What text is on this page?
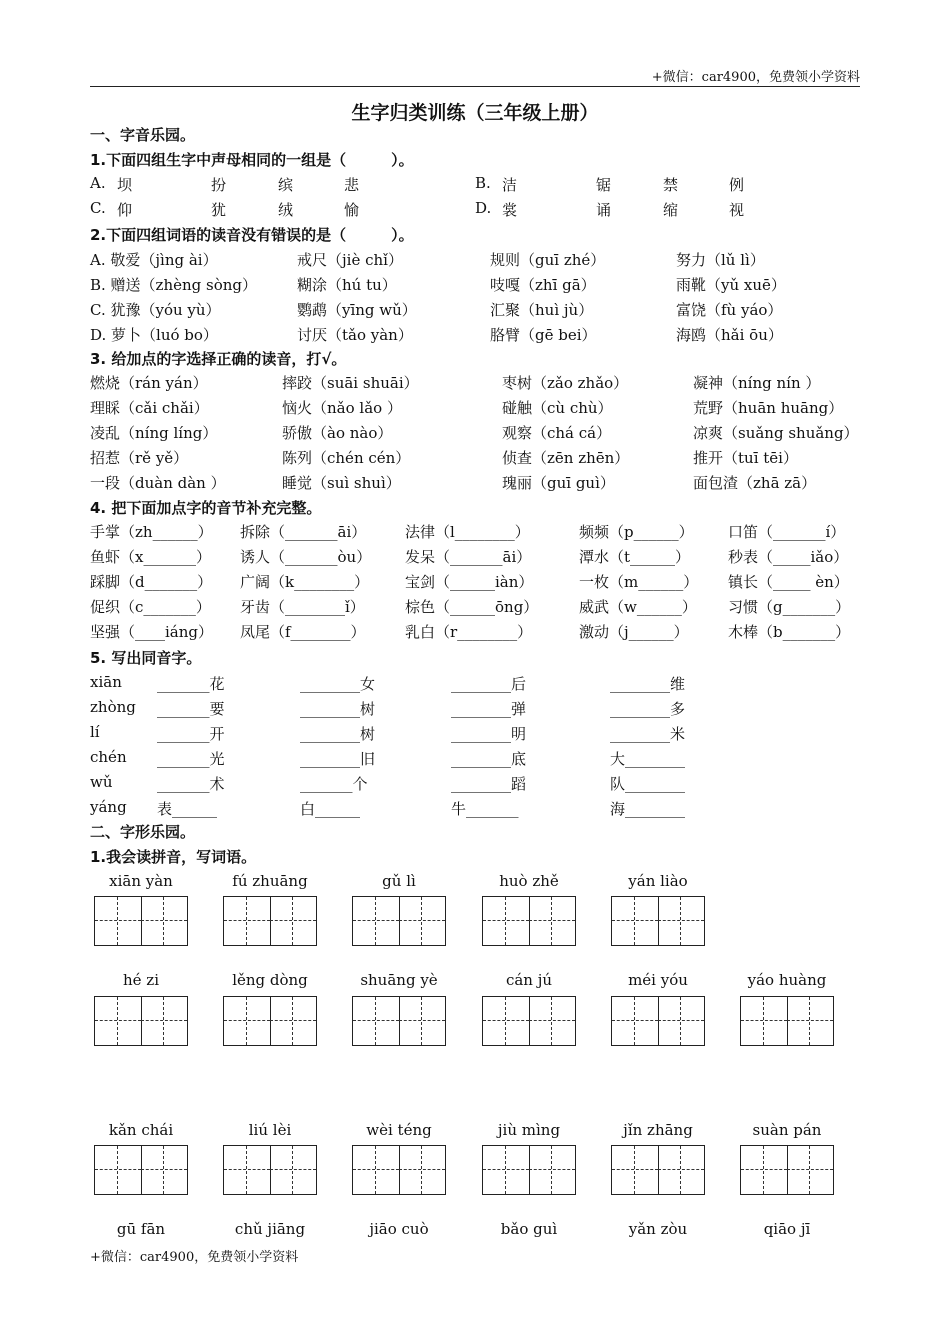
+微信：car4900，免费领小学资料
生字归类训练（三年级上册）
一、字音乐园。
1.下面四组生字中声母相同的一组是（　　　）。
A. 坝	扮	缤	悲	B. 洁	锯	禁	例
C. 仰	犹	绒	愉	D. 裳	诵	缩	视
2.下面四组词语的读音没有错误的是（　　　）。
A. 敬爱（jìng ài）	戒尺（jiè chǐ）	规则（guī zhé）	努力（lǔ lì）
B. 赠送（zhèng sòng）	糊涂（hú tu）	吱嘎（zhī gā）	雨靴（yǔ xuē）
C. 犹豫（yóu yù）	鹦鹉（yīng wǔ）	汇聚（huì jù）	富饶（fù yáo）
D. 萝卜（luó bo）	讨厌（tǎo yàn）	胳臂（gē bei）	海鸥（hǎi ōu）
3. 给加点的字选择正确的读音，打√。
燃烧（rán yán）	摔跤（suāi shuāi）	枣树（zǎo zhǎo）	凝神（níng nín ）
理睬（cǎi chǎi）	恼火（nǎo lǎo ）	碰触（cù chù）	荒野（huān huāng）
凌乱（níng líng）	骄傲（ào nào）	观察（chá cá）	凉爽（suǎng shuǎng）
招惹（rě yě）	陈列（chén cén）	侦查（zēn zhēn）	推开（tuī tēi）
一段（duàn dàn ）	睡觉（suì shuì）	瑰丽（guī guì）	面包渣（zhā zā）
4. 把下面加点字的音节补充完整。
手掌（zh______） 拆除（_______āi）	法律（l________）	频频（p______） 口笛（_______í）
鱼虾（x_______） 诱人（_______òu） 发呆（_______āi）	潭水（t______）	秒表（_____iǎo）
踩脚（d_______） 广阔（k________） 宝剑（______iàn）	一枚（m______） 镇长（_____ èn）
促织（c_______） 牙齿（________ǐ）	棕色（______ōng）	威武（w______） 习惯（g_______）
坚强（____iáng） 凤尾（f________）	乳白（r________）	激动（j______）	木棒（b_______）
5. 写出同音字。
xiān _______花	________女	________后	________维
zhòng _______要	________树	________弹	________多
lí	_______开	________树	________明	________米
chén _______光	________旧	________底	大________
wǔ	_______术	_______个	________蹈	队________
yáng 表______	白______	牛_______	海________
二、字形乐园。
1.我会读拼音，写词语。
xiān yàn	fú zhuāng	gǔ lì	huò zhě	yán liào
hé zi	lěng dòng	shuāng yè	cán jú	méi yóu	yáo huàng
kǎn chái	liú lèi	wèi téng	jiù mìng	jǐn zhāng	suàn pán
gū fān	chǔ jiāng	jiāo cuò	bǎo guì	yǎn zòu	qiāo jī
+微信：car4900，免费领小学资料
